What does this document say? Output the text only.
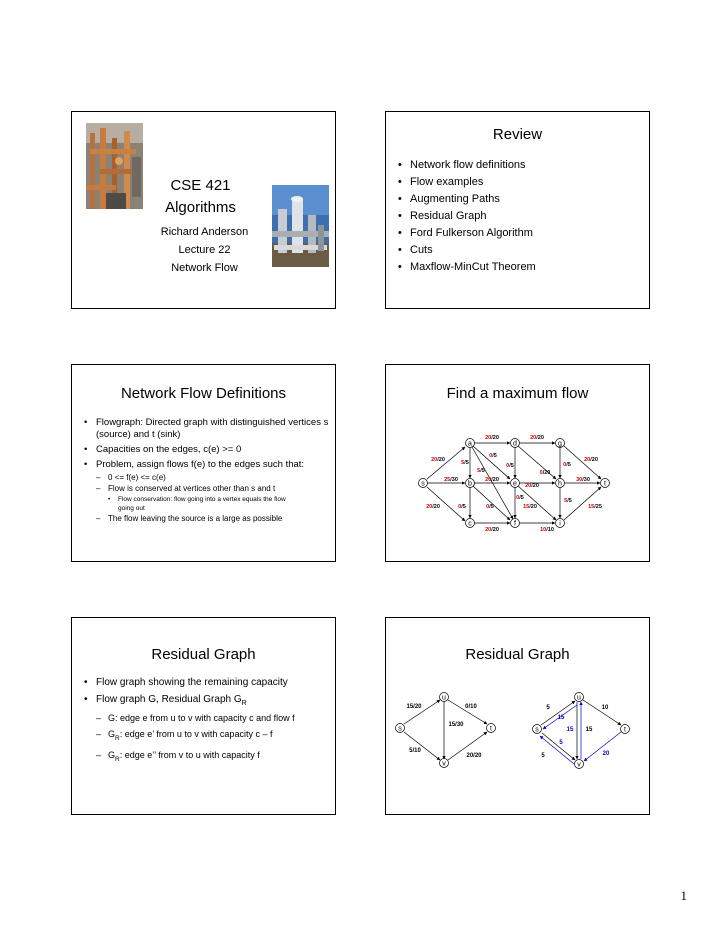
CSE 421
Algorithms
Richard Anderson
Lecture 22
Network Flow
Review
• Network flow definitions
• Flow examples
• Augmenting Paths
• Residual Graph
• Ford Fulkerson Algorithm
• Cuts
• Maxflow-MinCut Theorem
Network Flow Definitions
• Flowgraph: Directed graph with distinguished vertices s (source) and t (sink)
• Capacities on the edges, c(e) >= 0
• Problem, assign flows f(e) to the edges such that:
– 0 <= f(e) <= c(e)
– Flow is conserved at vertices other than s and t
• Flow conservation: flow going into a vertex equals the flow going out
– The flow leaving the source is a large as possible
Find a maximum flow
s
a
b
c
d
e
f
g
h
i
t
20/20	20/20
20/20
0/5
20/20
5/5	0/5	0/5
5/5	0/20
25/30	20/20
20/20
30/30
0/5	5/5
20/20	0/5	0/5	15/20	15/25
20/20	10/10
Residual Graph
• Flow graph showing the remaining capacity
• Flow graph G, Residual Graph $G_R$
– G: edge e from u to v with capacity c and flow f
– $G_R$: edge e’ from u to v with capacity c – f
– $G_R$: edge e’’ from v to u with capacity f
Residual Graph
u
s	t
v
15/20	0/10
15/30
5/10
20/20
u
s	t
v
5	10
15
5
15
15
5
20
1
